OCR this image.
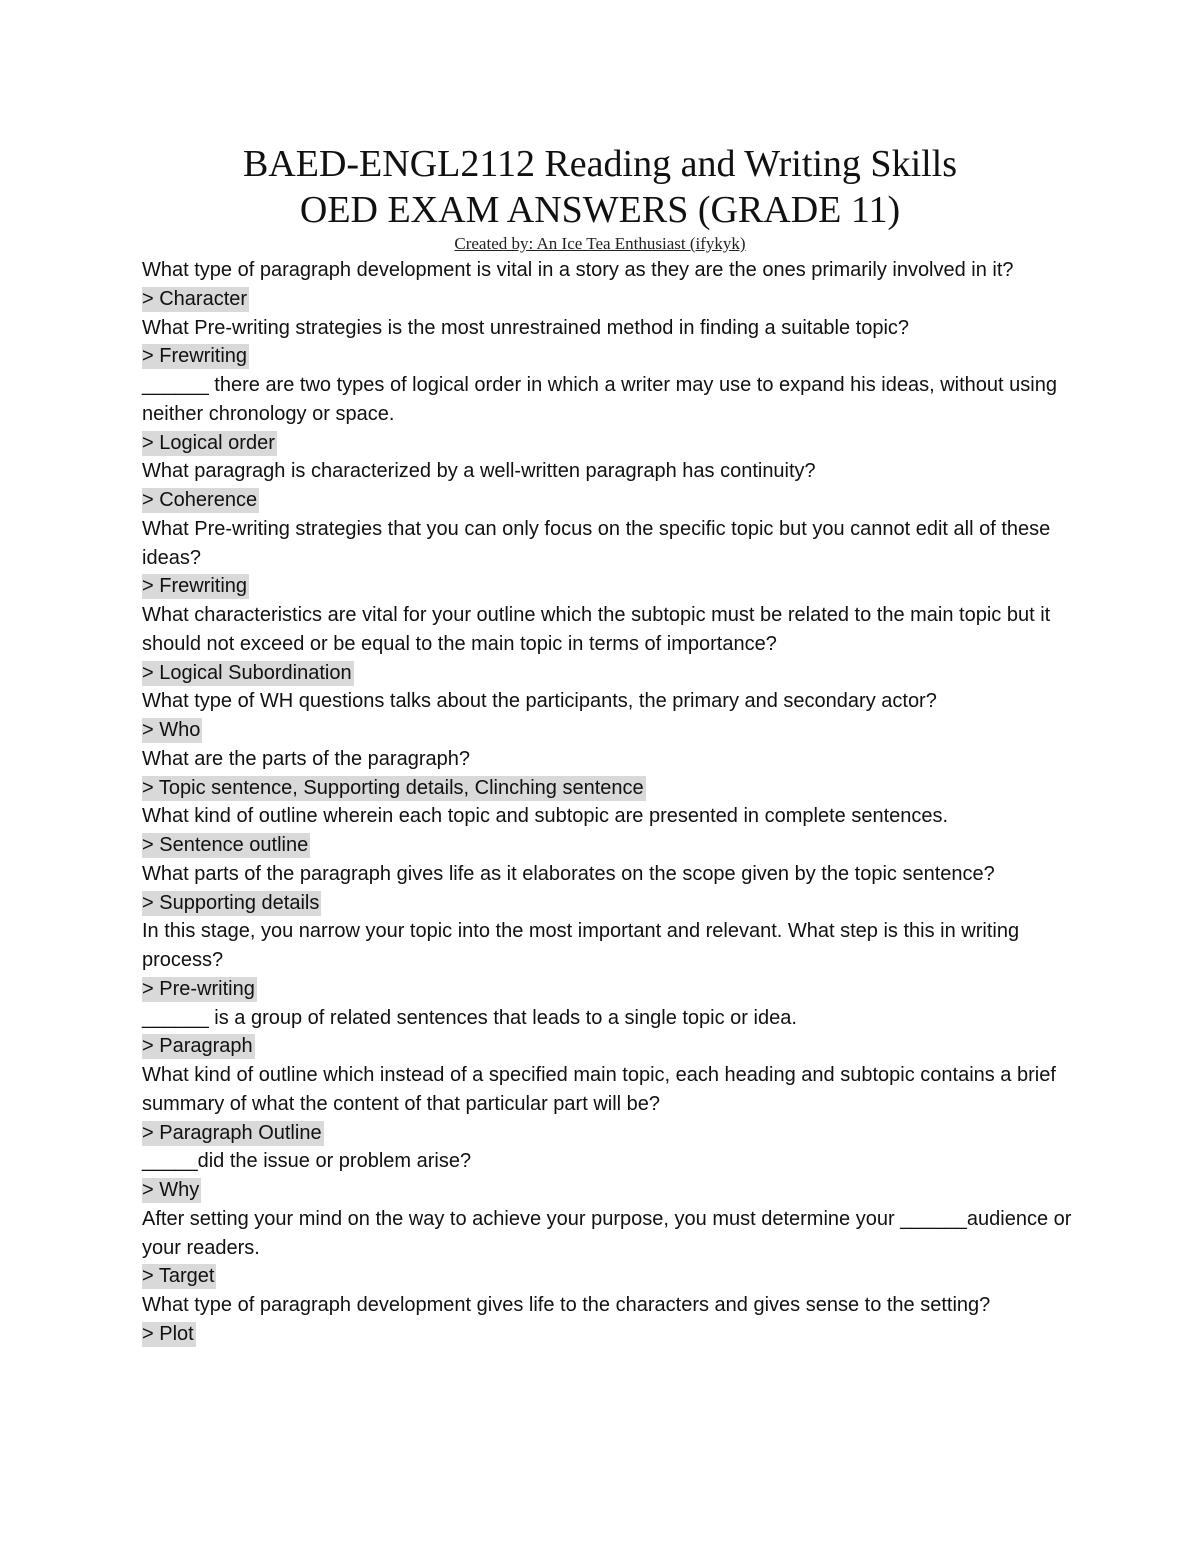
BAED-ENGL2112 Reading and Writing Skills
OED EXAM ANSWERS (GRADE 11)
Created by: An Ice Tea Enthusiast (ifykyk)
What type of paragraph development is vital in a story as they are the ones primarily involved in it?
> Character
What Pre-writing strategies is the most unrestrained method in finding a suitable topic?
> Frewriting
______ there are two types of logical order in which a writer may use to expand his ideas, without using neither chronology or space.
> Logical order
What paragragh is characterized by a well-written paragraph has continuity?
> Coherence
What Pre-writing strategies that you can only focus on the specific topic but you cannot edit all of these ideas?
> Frewriting
What characteristics are vital for your outline which the subtopic must be related to the main topic but it should not exceed or be equal to the main topic in terms of importance?
> Logical Subordination
What type of WH questions talks about the participants, the primary and secondary actor?
> Who
What are the parts of the paragraph?
> Topic sentence, Supporting details, Clinching sentence
What kind of outline wherein each topic and subtopic are presented in complete sentences.
> Sentence outline
What parts of the paragraph gives life as it elaborates on the scope given by the topic sentence?
> Supporting details
In this stage, you narrow your topic into the most important and relevant. What step is this in writing process?
> Pre-writing
______ is a group of related sentences that leads to a single topic or idea.
> Paragraph
What kind of outline which instead of a specified main topic, each heading and subtopic contains a brief summary of what the content of that particular part will be?
> Paragraph Outline
_____did the issue or problem arise?
> Why
After setting your mind on the way to achieve your purpose, you must determine your ______audience or your readers.
> Target
What type of paragraph development gives life to the characters and gives sense to the setting?
> Plot
